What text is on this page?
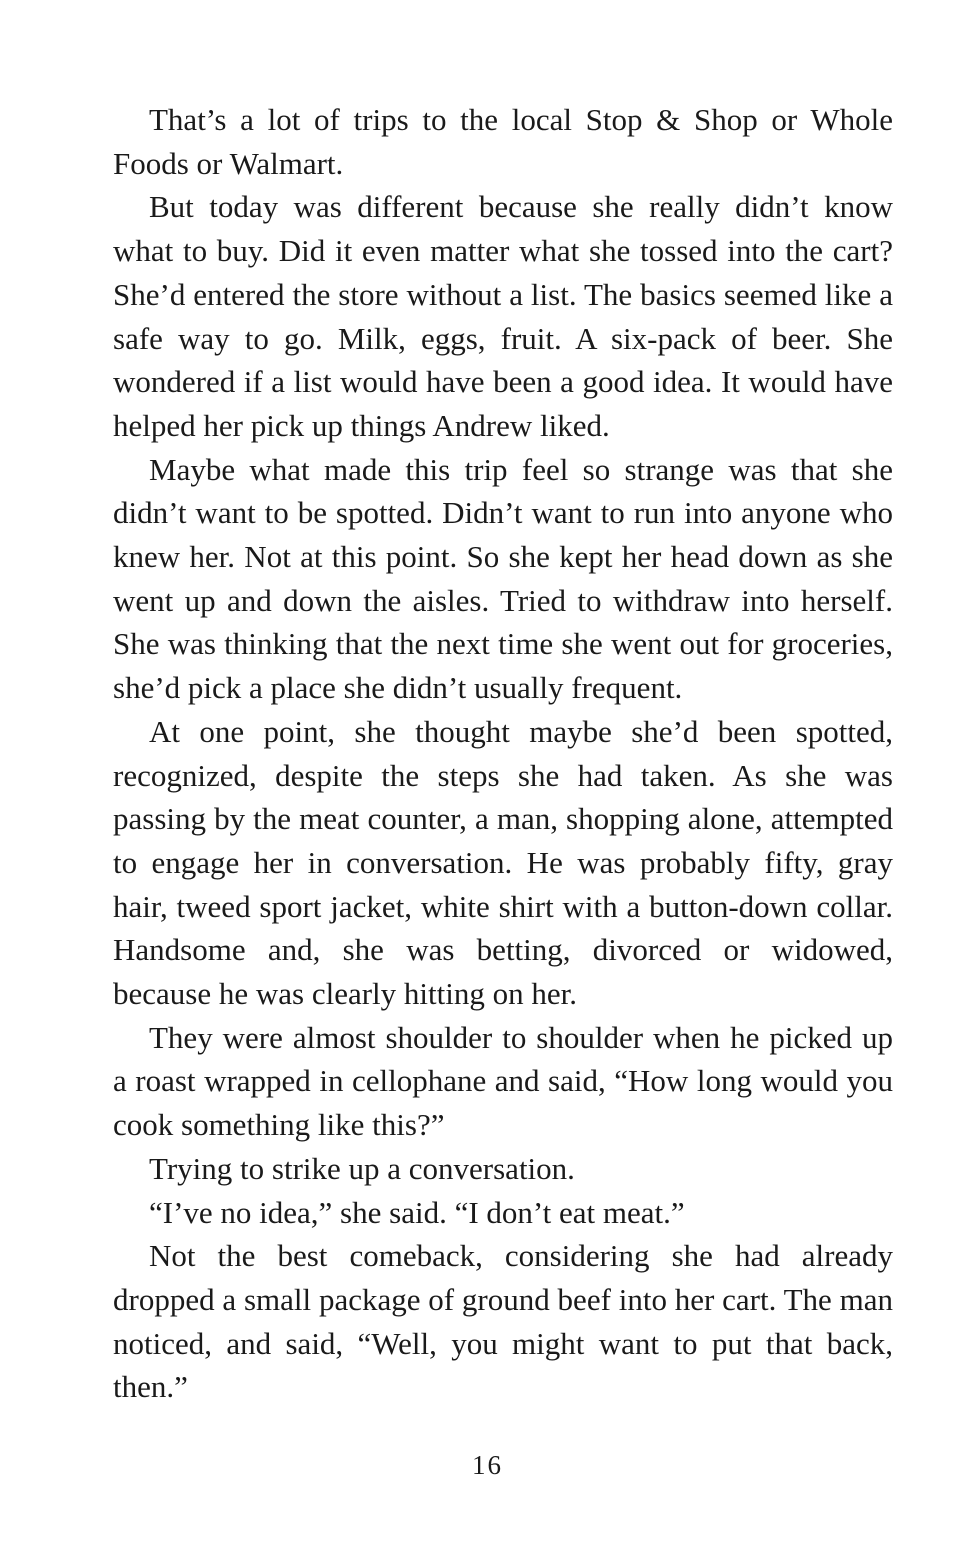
That’s a lot of trips to the local Stop & Shop or Whole Foods or Walmart.

But today was different because she really didn’t know what to buy. Did it even matter what she tossed into the cart? She’d entered the store without a list. The basics seemed like a safe way to go. Milk, eggs, fruit. A six-pack of beer. She wondered if a list would have been a good idea. It would have helped her pick up things Andrew liked.

Maybe what made this trip feel so strange was that she didn’t want to be spotted. Didn’t want to run into anyone who knew her. Not at this point. So she kept her head down as she went up and down the aisles. Tried to withdraw into herself. She was thinking that the next time she went out for groceries, she’d pick a place she didn’t usually frequent.

At one point, she thought maybe she’d been spotted, recognized, despite the steps she had taken. As she was passing by the meat counter, a man, shopping alone, attempted to engage her in conversation. He was probably fifty, gray hair, tweed sport jacket, white shirt with a button-down collar. Handsome and, she was betting, divorced or widowed, because he was clearly hitting on her.

They were almost shoulder to shoulder when he picked up a roast wrapped in cellophane and said, “How long would you cook something like this?”

Trying to strike up a conversation.

“I’ve no idea,” she said. “I don’t eat meat.”

Not the best comeback, considering she had already dropped a small package of ground beef into her cart. The man noticed, and said, “Well, you might want to put that back, then.”

16
